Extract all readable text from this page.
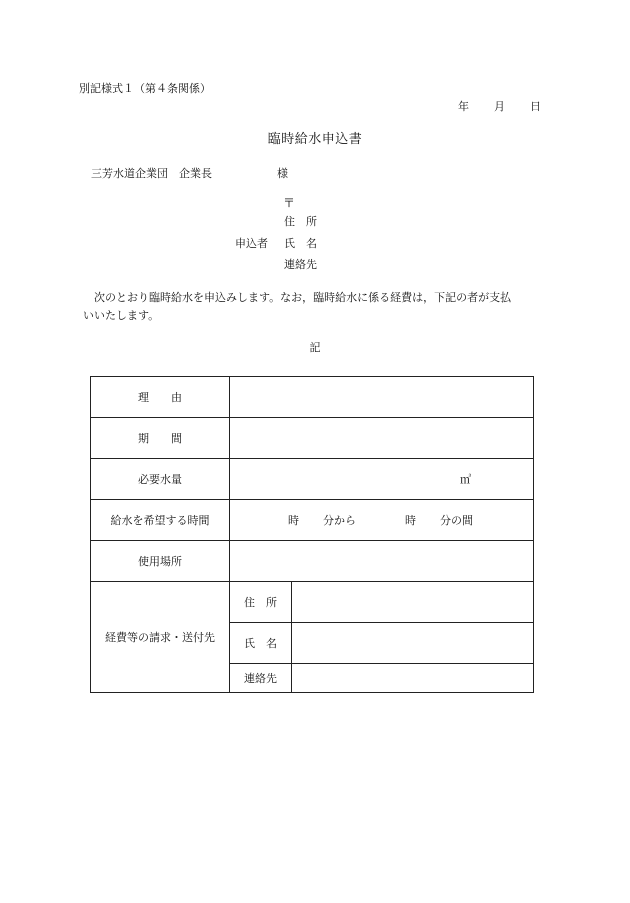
別記様式１（第４条関係）
年 月 日
臨時給水申込書
三芳水道企業団　企業長	様
〒
住　所
申込者 氏　名
連絡先
　次のとおり臨時給水を申込みします。なお，臨時給水に係る経費は，下記の者が支払
いいたします。
記
理　　由		
期　　間		
必要水量	㎥	

給水を希望する時間	時 分から 時 分の間	

使用場所		
経費等の請求・送付先	住　所	
	氏　名	
	連絡先	
